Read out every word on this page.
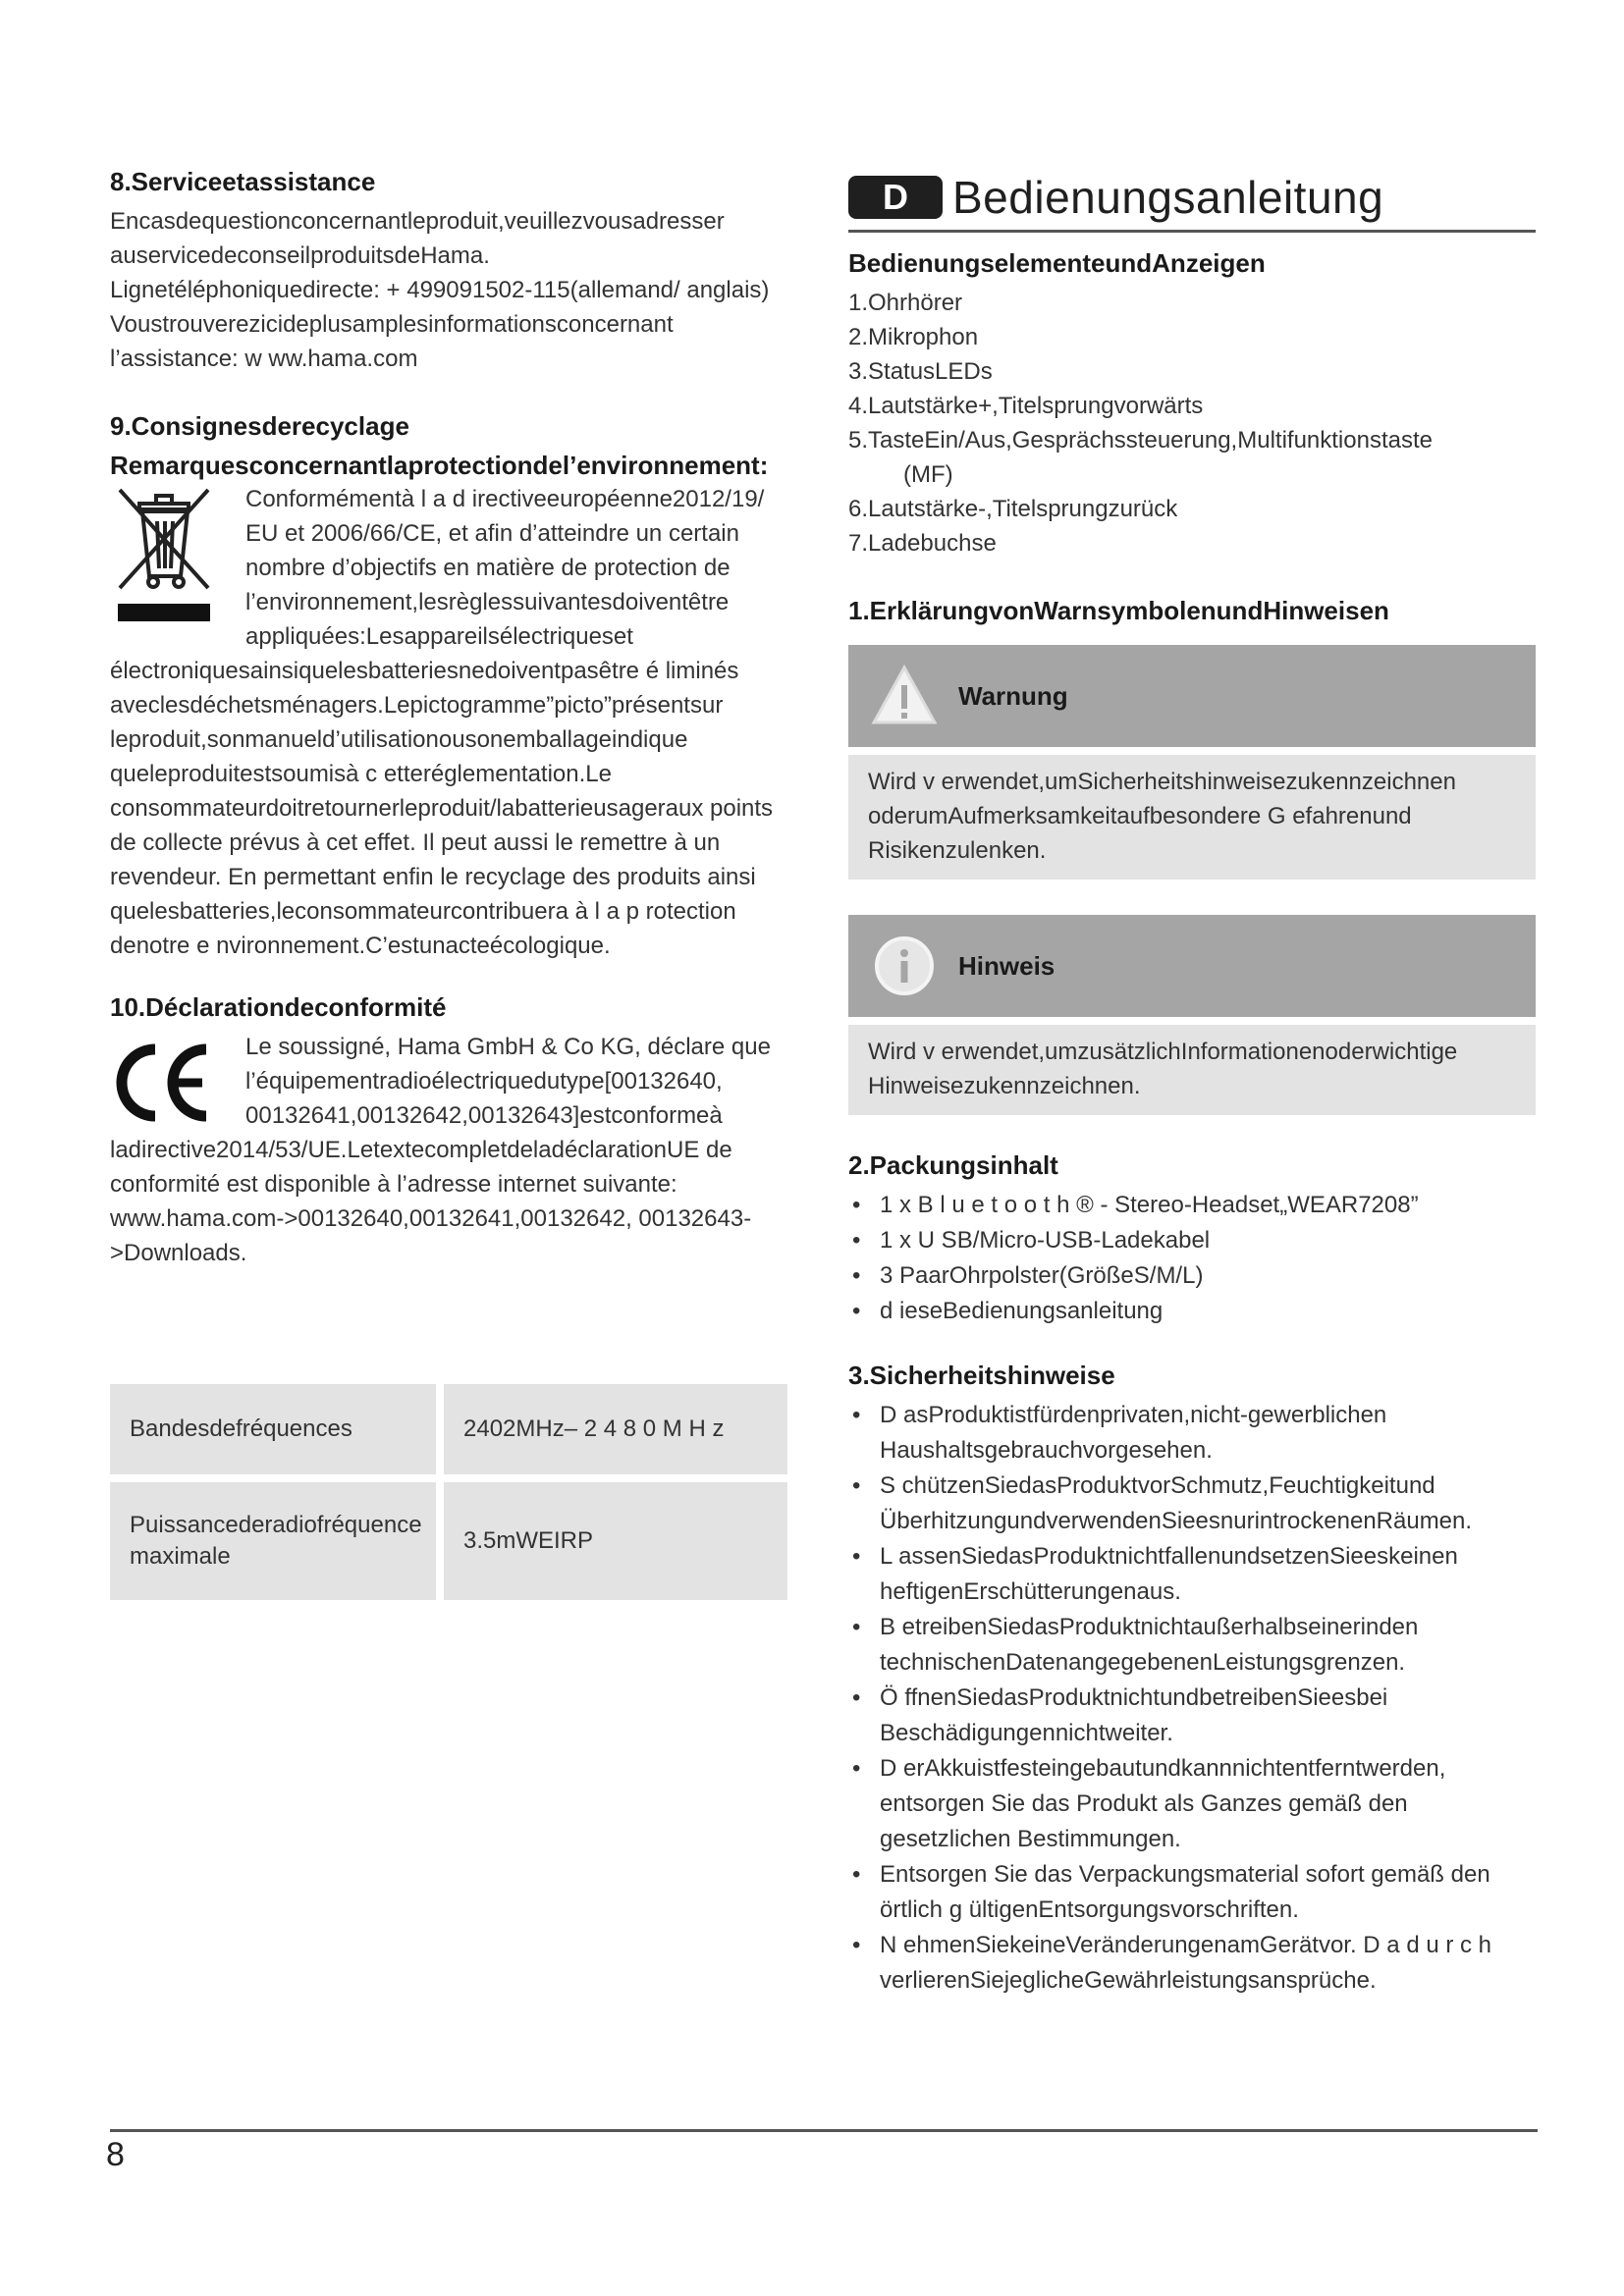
8.Serviceetassistance

Encasdequestionconcernantleproduit,veuillezvousadresser auservicedeconseilproduitsdeHama.

Lignetéléphoniquedirecte: + 499091502-115(allemand/ anglais)

Voustrouverezicideplusamplesinformationsconcernant l’assistance: w ww.hama.com

9.Consignesderecyclage
Remarquesconcernantlaprotectiondel’environnement:

Conformémentà l a d irectiveeuropéenne2012/19/

EU et 2006/66/CE, et afin d’atteindre un certain

nombre d’objectifs en matière de protection de

l’environnement,lesrèglessuivantesdoiventêtre

appliquées:Lesappareilsélectriqueset

électroniquesainsiquelesbatteriesnedoiventpasêtre é liminés aveclesdéchetsménagers.Lepictogramme”picto”présentsur leproduit,sonmanueld’utilisationousonemballageindique queleproduitestsoumisà c etteréglementation.Le consommateurdoitretournerleproduit/labatterieusageraux points de collecte prévus à cet effet. Il peut aussi le remettre à un revendeur. En permettant enfin le recyclage des produits ainsi quelesbatteries,leconsommateurcontribuera à l a p rotection denotre e nvironnement.C’estunacteécologique.

10.Déclarationdeconformité

Le soussigné, Hama GmbH & Co KG, déclare que

l’équipementradioélectriquedutype[00132640,

00132641,00132642,00132643]estconformeà

ladirective2014/53/UE.LetextecompletdeladéclarationUE de conformité est disponible à l’adresse internet suivante: www.hama.com->00132640,00132641,00132642, 00132643->Downloads.

Bandesdefréquences	2402MHz– 2 4 8 0 M H z
Puissancederadiofréquence maximale
3.5mWEIRP
D Bedienungsanleitung
BedienungselementeundAnzeigen

1.Ohrhörer

2.Mikrophon

3.StatusLEDs

4.Lautstärke+,Titelsprungvorwärts

5.TasteEin/Aus,Gesprächssteuerung,Multifunktionstaste

(MF)

6.Lautstärke-,Titelsprungzurück

7.Ladebuchse

1.ErklärungvonWarnsymbolenundHinweisen
Warnung
Wird v erwendet,umSicherheitshinweisezukennzeichnen oderumAufmerksamkeitaufbesondere G efahrenund Risikenzulenken.
Hinweis
Wird v erwendet,umzusätzlichInformationenoderwichtige Hinweisezukennzeichnen.
2.Packungsinhalt
• 1 x B l u e t o o t h ® - Stereo-Headset„WEAR7208”
• 1 x U SB/Micro-USB-Ladekabel
• 3 PaarOhrpolster(GrößeS/M/L)
• d ieseBedienungsanleitung
3.Sicherheitshinweise
• D asProduktistfürdenprivaten,nicht-gewerblichen Haushaltsgebrauchvorgesehen.
• S chützenSiedasProduktvorSchmutz,Feuchtigkeitund ÜberhitzungundverwendenSieesnurintrockenenRäumen.
• L assenSiedasProduktnichtfallenundsetzenSieeskeinen heftigenErschütterungenaus.
• B etreibenSiedasProduktnichtaußerhalbseinerinden technischenDatenangegebenenLeistungsgrenzen.
• Ö ffnenSiedasProduktnichtundbetreibenSieesbei Beschädigungennichtweiter.
• D erAkkuistfesteingebautundkannnichtentferntwerden, entsorgen Sie das Produkt als Ganzes gemäß den gesetzlichen Bestimmungen.
• Entsorgen Sie das Verpackungsmaterial sofort gemäß den örtlich g ültigenEntsorgungsvorschriften.
• N ehmenSiekeineVeränderungenamGerätvor. D a d u r c h verlierenSiejeglicheGewährleistungsansprüche.
8
